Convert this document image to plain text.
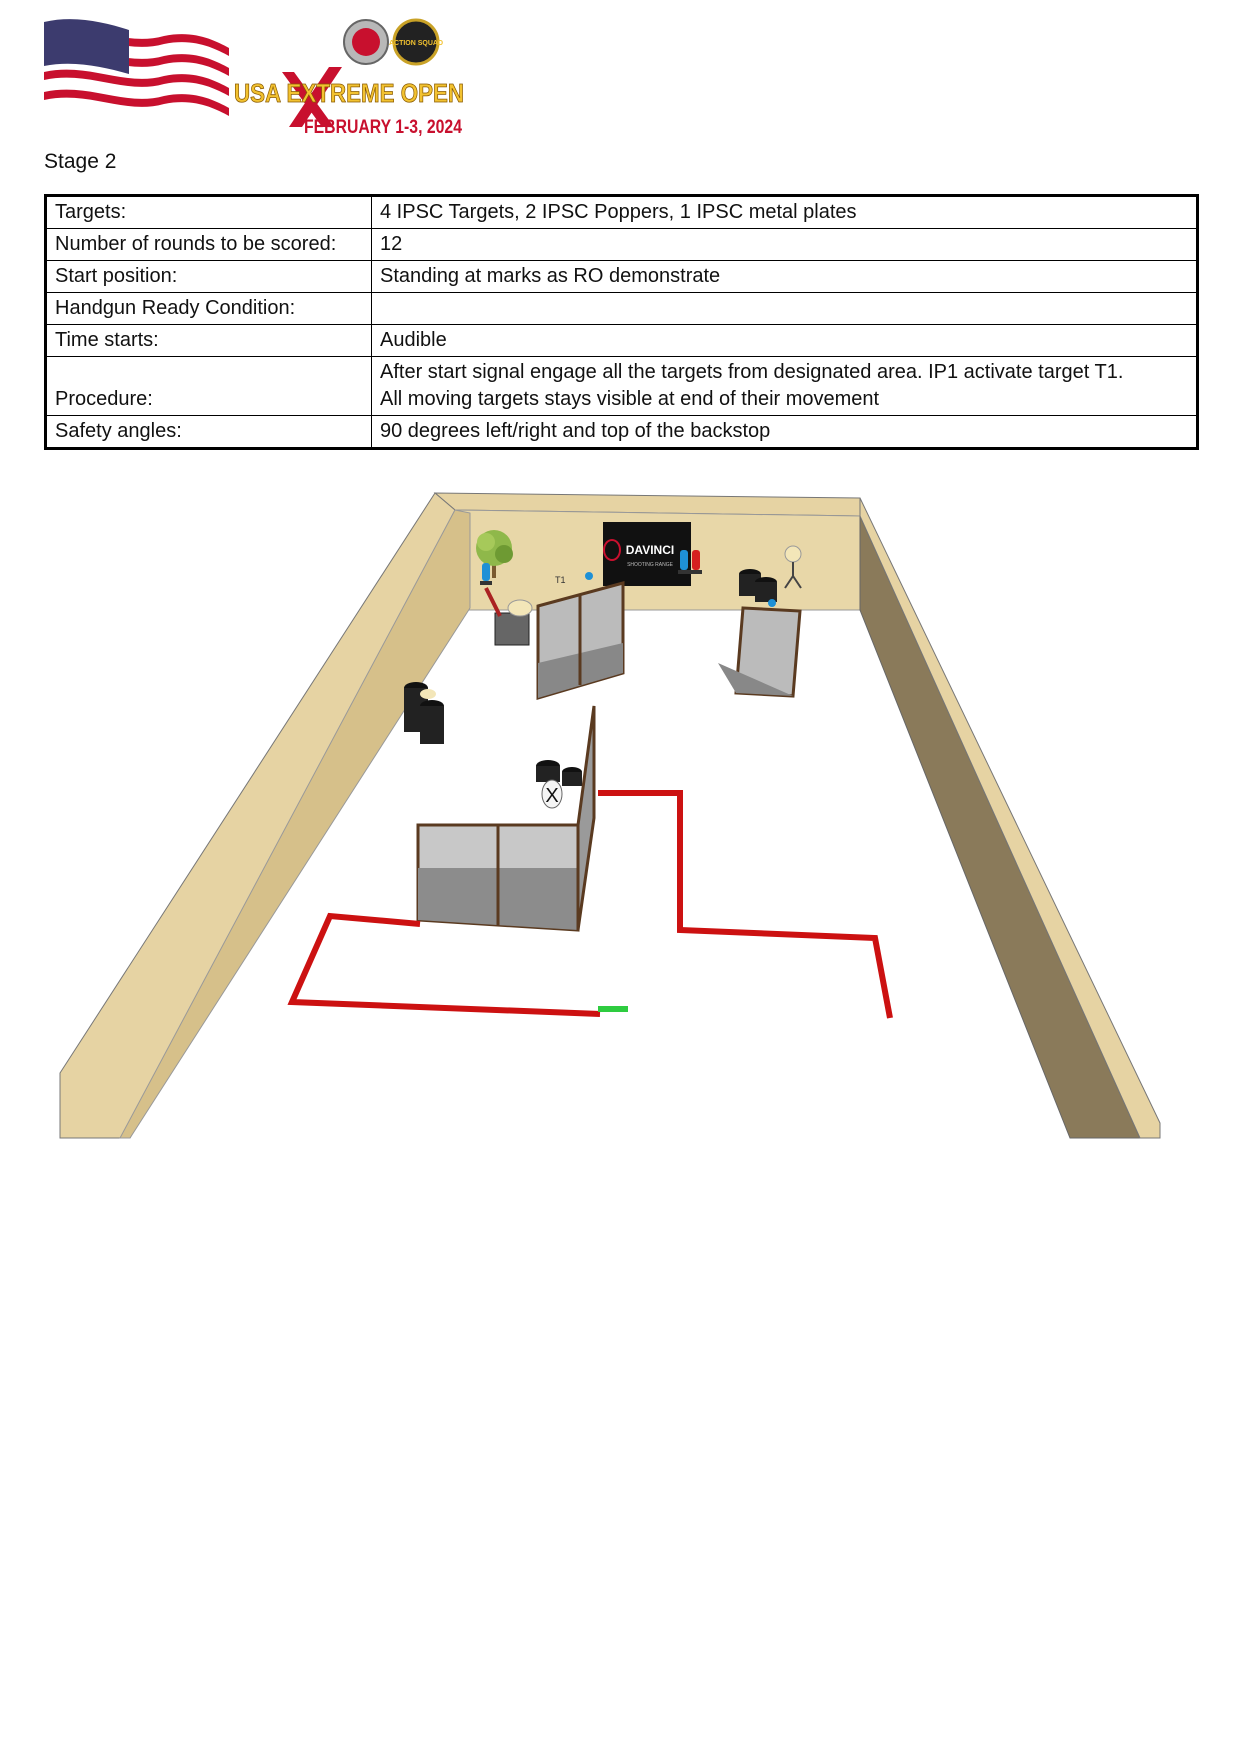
ACTION SQUAD
USA EXTREME OPEN
FEBRUARY 1-3, 2024
Stage 2
Targets:	4 IPSC Targets, 2 IPSC Poppers, 1 IPSC metal plates
Number of rounds to be scored:	12
Start position:	Standing at marks as RO demonstrate
Handgun Ready Condition:	
Time starts:	Audible
Procedure:	After start signal engage all the targets from designated area. IP1 activate target T1.
All moving targets stays visible at end of their movement

Safety angles:	90 degrees left/right and top of the backstop
DAVINCI
SHOOTING RANGE
T1
X
